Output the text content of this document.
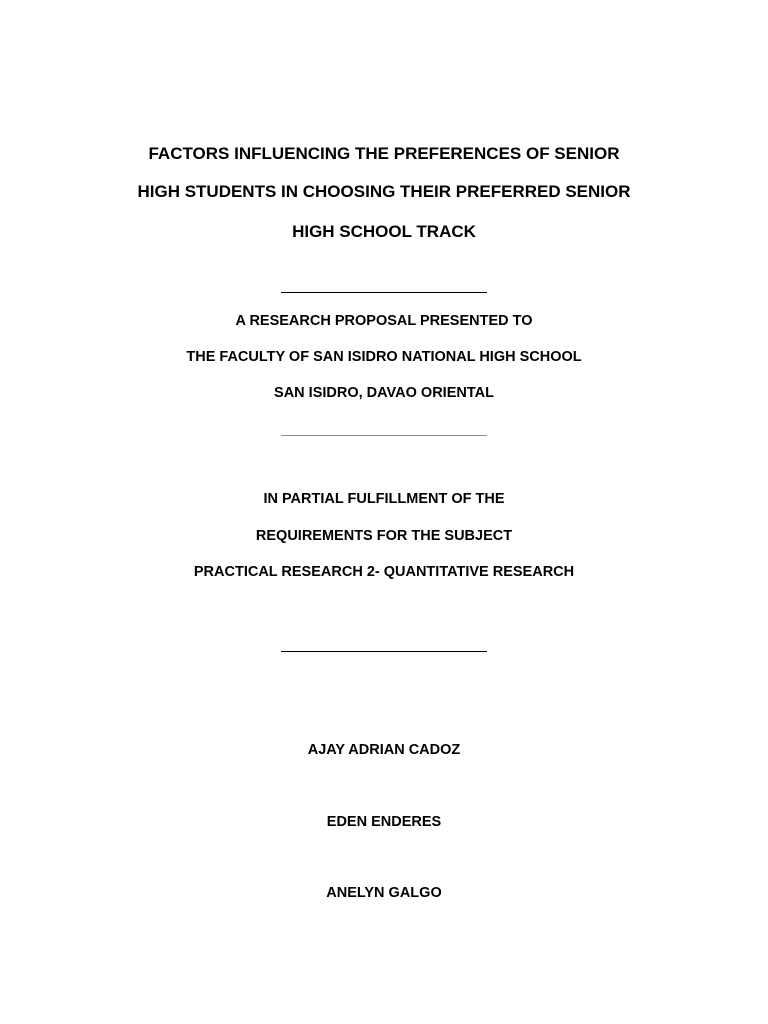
FACTORS INFLUENCING THE PREFERENCES OF SENIOR
HIGH STUDENTS IN CHOOSING THEIR PREFERRED SENIOR
HIGH SCHOOL TRACK
A RESEARCH PROPOSAL PRESENTED TO
THE FACULTY OF SAN ISIDRO NATIONAL HIGH SCHOOL
SAN ISIDRO, DAVAO ORIENTAL
IN PARTIAL FULFILLMENT OF THE
REQUIREMENTS FOR THE SUBJECT
PRACTICAL RESEARCH 2- QUANTITATIVE RESEARCH
AJAY ADRIAN CADOZ
EDEN ENDERES
ANELYN GALGO
